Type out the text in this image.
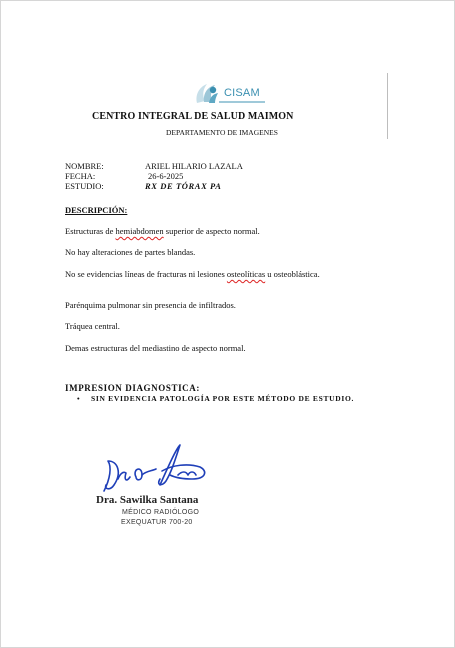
CISAM
CENTRO INTEGRAL DE SALUD MAIMON
DEPARTAMENTO DE IMAGENES
NOMBRE:	ARIEL HILARIO LAZALA
FECHA:	26-6-2025
ESTUDIO:	RX DE TÓRAX PA
DESCRIPCIÓN:
Estructuras de hemiabdomen superior de aspecto normal.
No hay alteraciones de partes blandas.
No se evidencias líneas de fracturas ni lesiones osteolíticas u osteoblástica.
Parénquima pulmonar sin presencia de infiltrados.
Tráquea central.
Demas estructuras del mediastino de aspecto normal.
IMPRESION DIAGNOSTICA:
• SIN EVIDENCIA PATOLOGÍA POR ESTE MÉTODO DE ESTUDIO.
Dra. Sawilka Santana
MÉDICO RADIÓLOGO
EXEQUATUR 700-20
